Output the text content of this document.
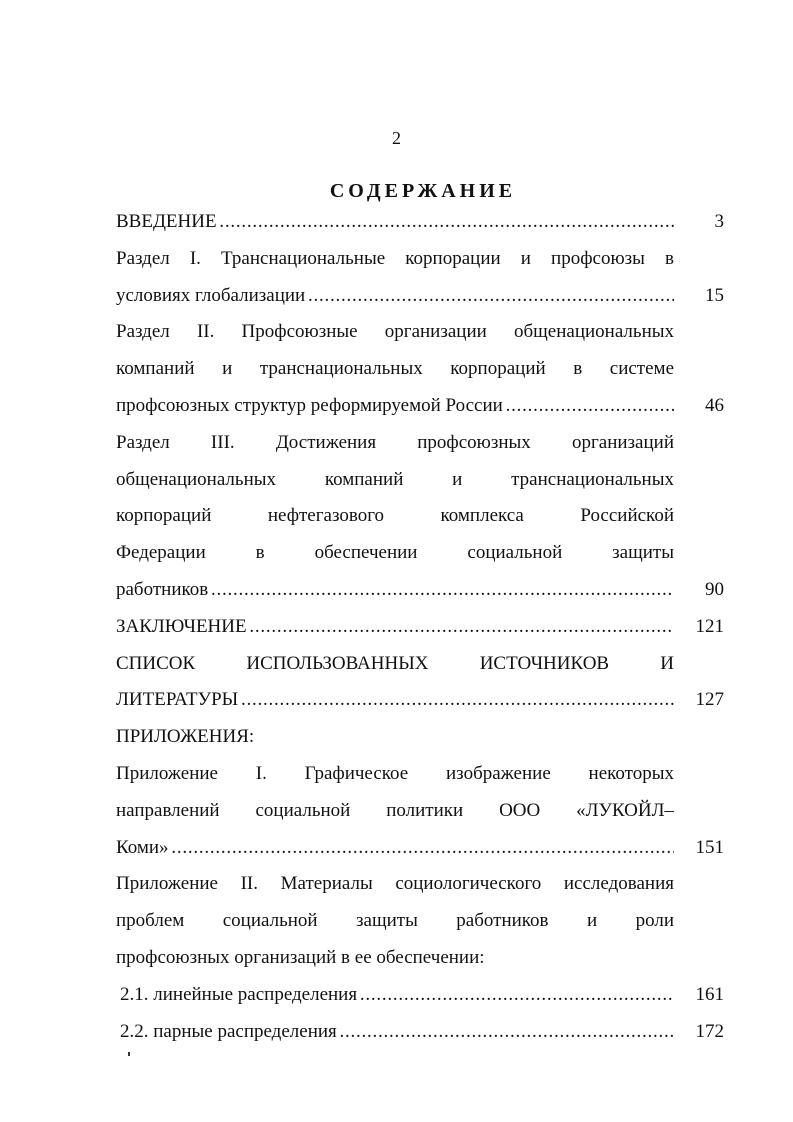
2
СОДЕРЖАНИЕ
ВВЕДЕНИЕ . . .	3
Раздел I. Транснациональные корпорации и профсоюзы в
условиях глобализации . . .	15
Раздел II. Профсоюзные организации общенациональных
компаний и транснациональных корпораций в системе
профсоюзных структур реформируемой России . . .	46
Раздел III. Достижения профсоюзных организаций
общенациональных компаний и транснациональных
корпораций нефтегазового комплекса Российской
Федерации в обеспечении социальной защиты
работников . . .	90
ЗАКЛЮЧЕНИЕ . . .	121
СПИСОК ИСПОЛЬЗОВАННЫХ ИСТОЧНИКОВ И
ЛИТЕРАТУРЫ . . .	127
ПРИЛОЖЕНИЯ:
Приложение I. Графическое изображение некоторых
направлений социальной политики ООО «ЛУКОЙЛ–
Коми» . . .	151
Приложение II. Материалы социологического исследования
проблем социальной защиты работников и роли
профсоюзных организаций в ее обеспечении:
2.1. линейные распределения . . .	161
2.2. парные распределения . . .	172
